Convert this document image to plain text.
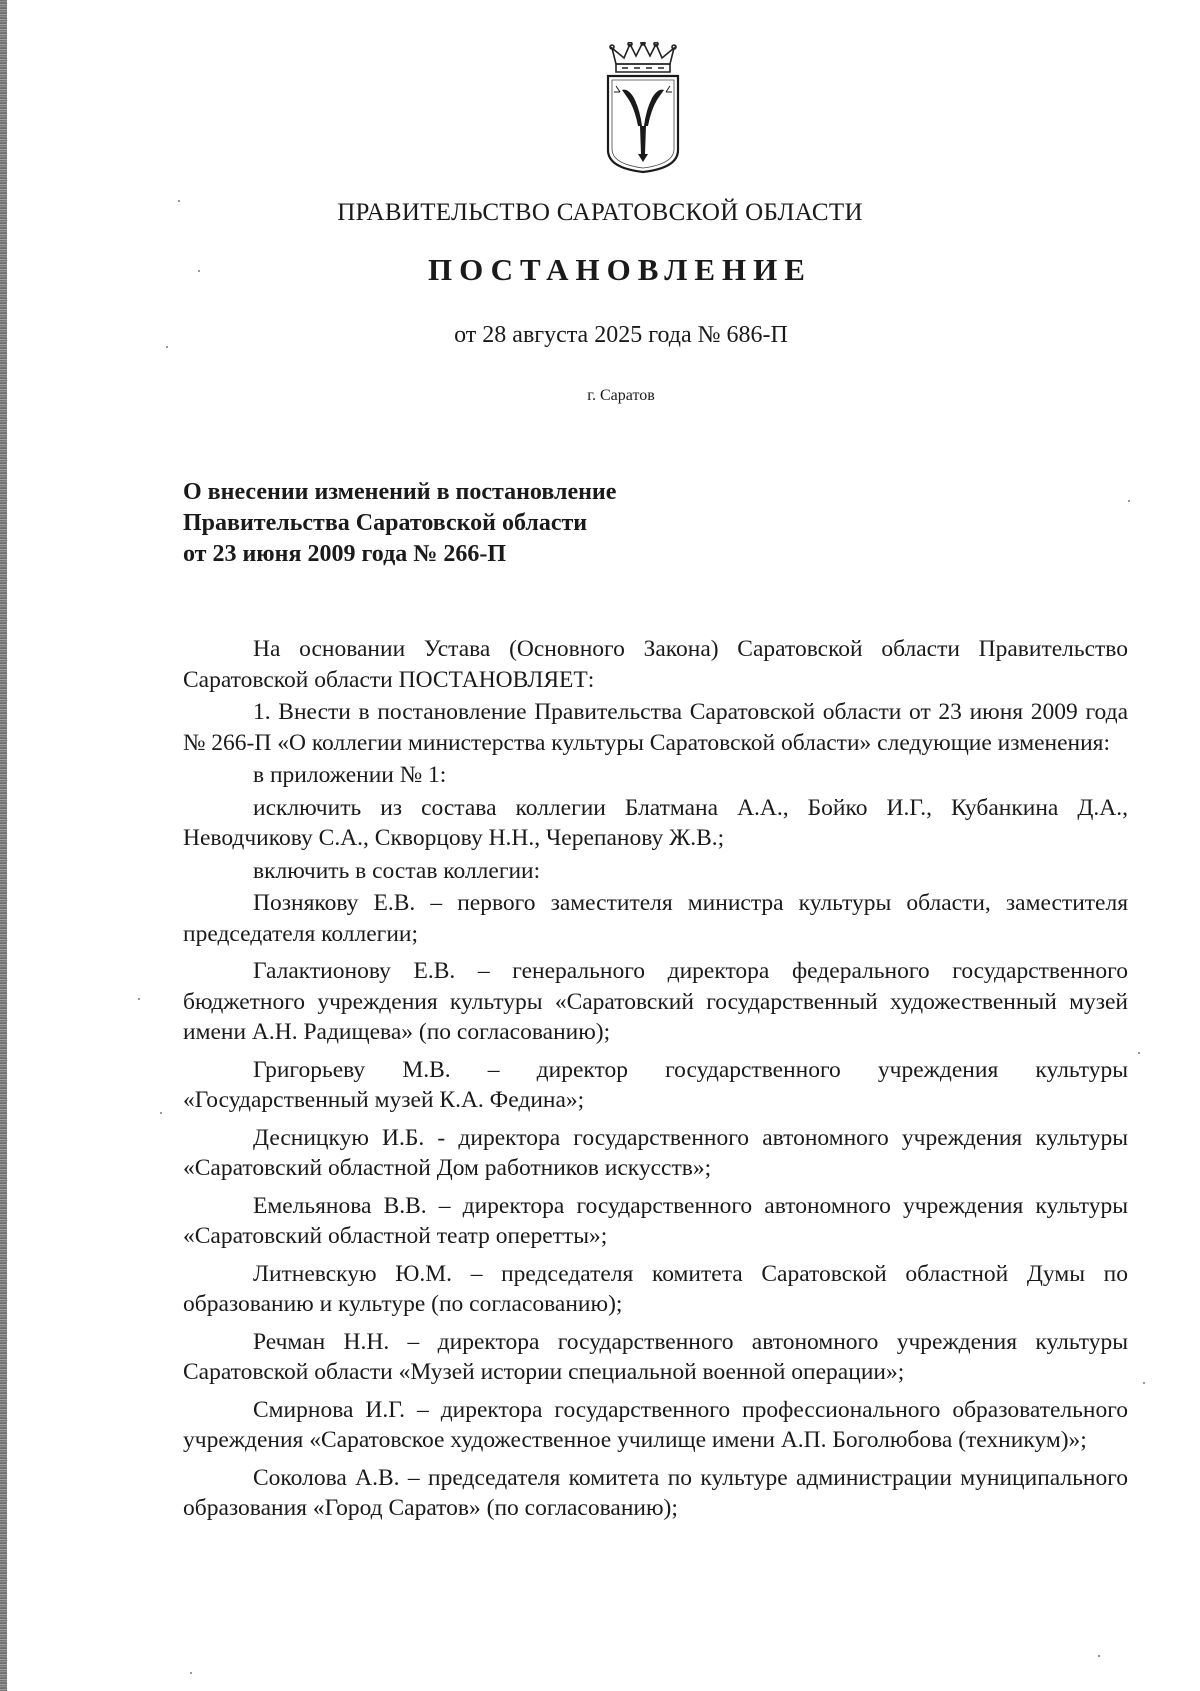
ПРАВИТЕЛЬСТВО САРАТОВСКОЙ ОБЛАСТИ
ПОСТАНОВЛЕНИЕ
от 28 августа 2025 года № 686-П
г. Саратов
О внесении изменений в постановление
Правительства Саратовской области
от 23 июня 2009 года № 266-П

На основании Устава (Основного Закона) Саратовской области Правительство Саратовской области ПОСТАНОВЛЯЕТ:

1. Внести в постановление Правительства Саратовской области от 23 июня 2009 года № 266-П «О коллегии министерства культуры Саратовской области» следующие изменения:

в приложении № 1:

исключить из состава коллегии Блатмана А.А., Бойко И.Г., Кубанкина Д.А., Неводчикову С.А., Скворцову Н.Н., Черепанову Ж.В.;

включить в состав коллегии:

Познякову Е.В. – первого заместителя министра культуры области, заместителя председателя коллегии;

Галактионову Е.В. – генерального директора федерального государственного бюджетного учреждения культуры «Саратовский государственный художественный музей имени А.Н. Радищева» (по согласованию);

Григорьеву М.В. – директор государственного учреждения культуры «Государственный музей К.А. Федина»;

Десницкую И.Б. - директора государственного автономного учреждения культуры «Саратовский областной Дом работников искусств»;

Емельянова В.В. – директора государственного автономного учреждения культуры «Саратовский областной театр оперетты»;

Литневскую Ю.М. – председателя комитета Саратовской областной Думы по образованию и культуре (по согласованию);

Речман Н.Н. – директора государственного автономного учреждения культуры Саратовской области «Музей истории специальной военной операции»;

Смирнова И.Г. – директора государственного профессионального образовательного учреждения «Саратовское художественное училище имени А.П. Боголюбова (техникум)»;

Соколова А.В. – председателя комитета по культуре администрации муниципального образования «Город Саратов» (по согласованию);
